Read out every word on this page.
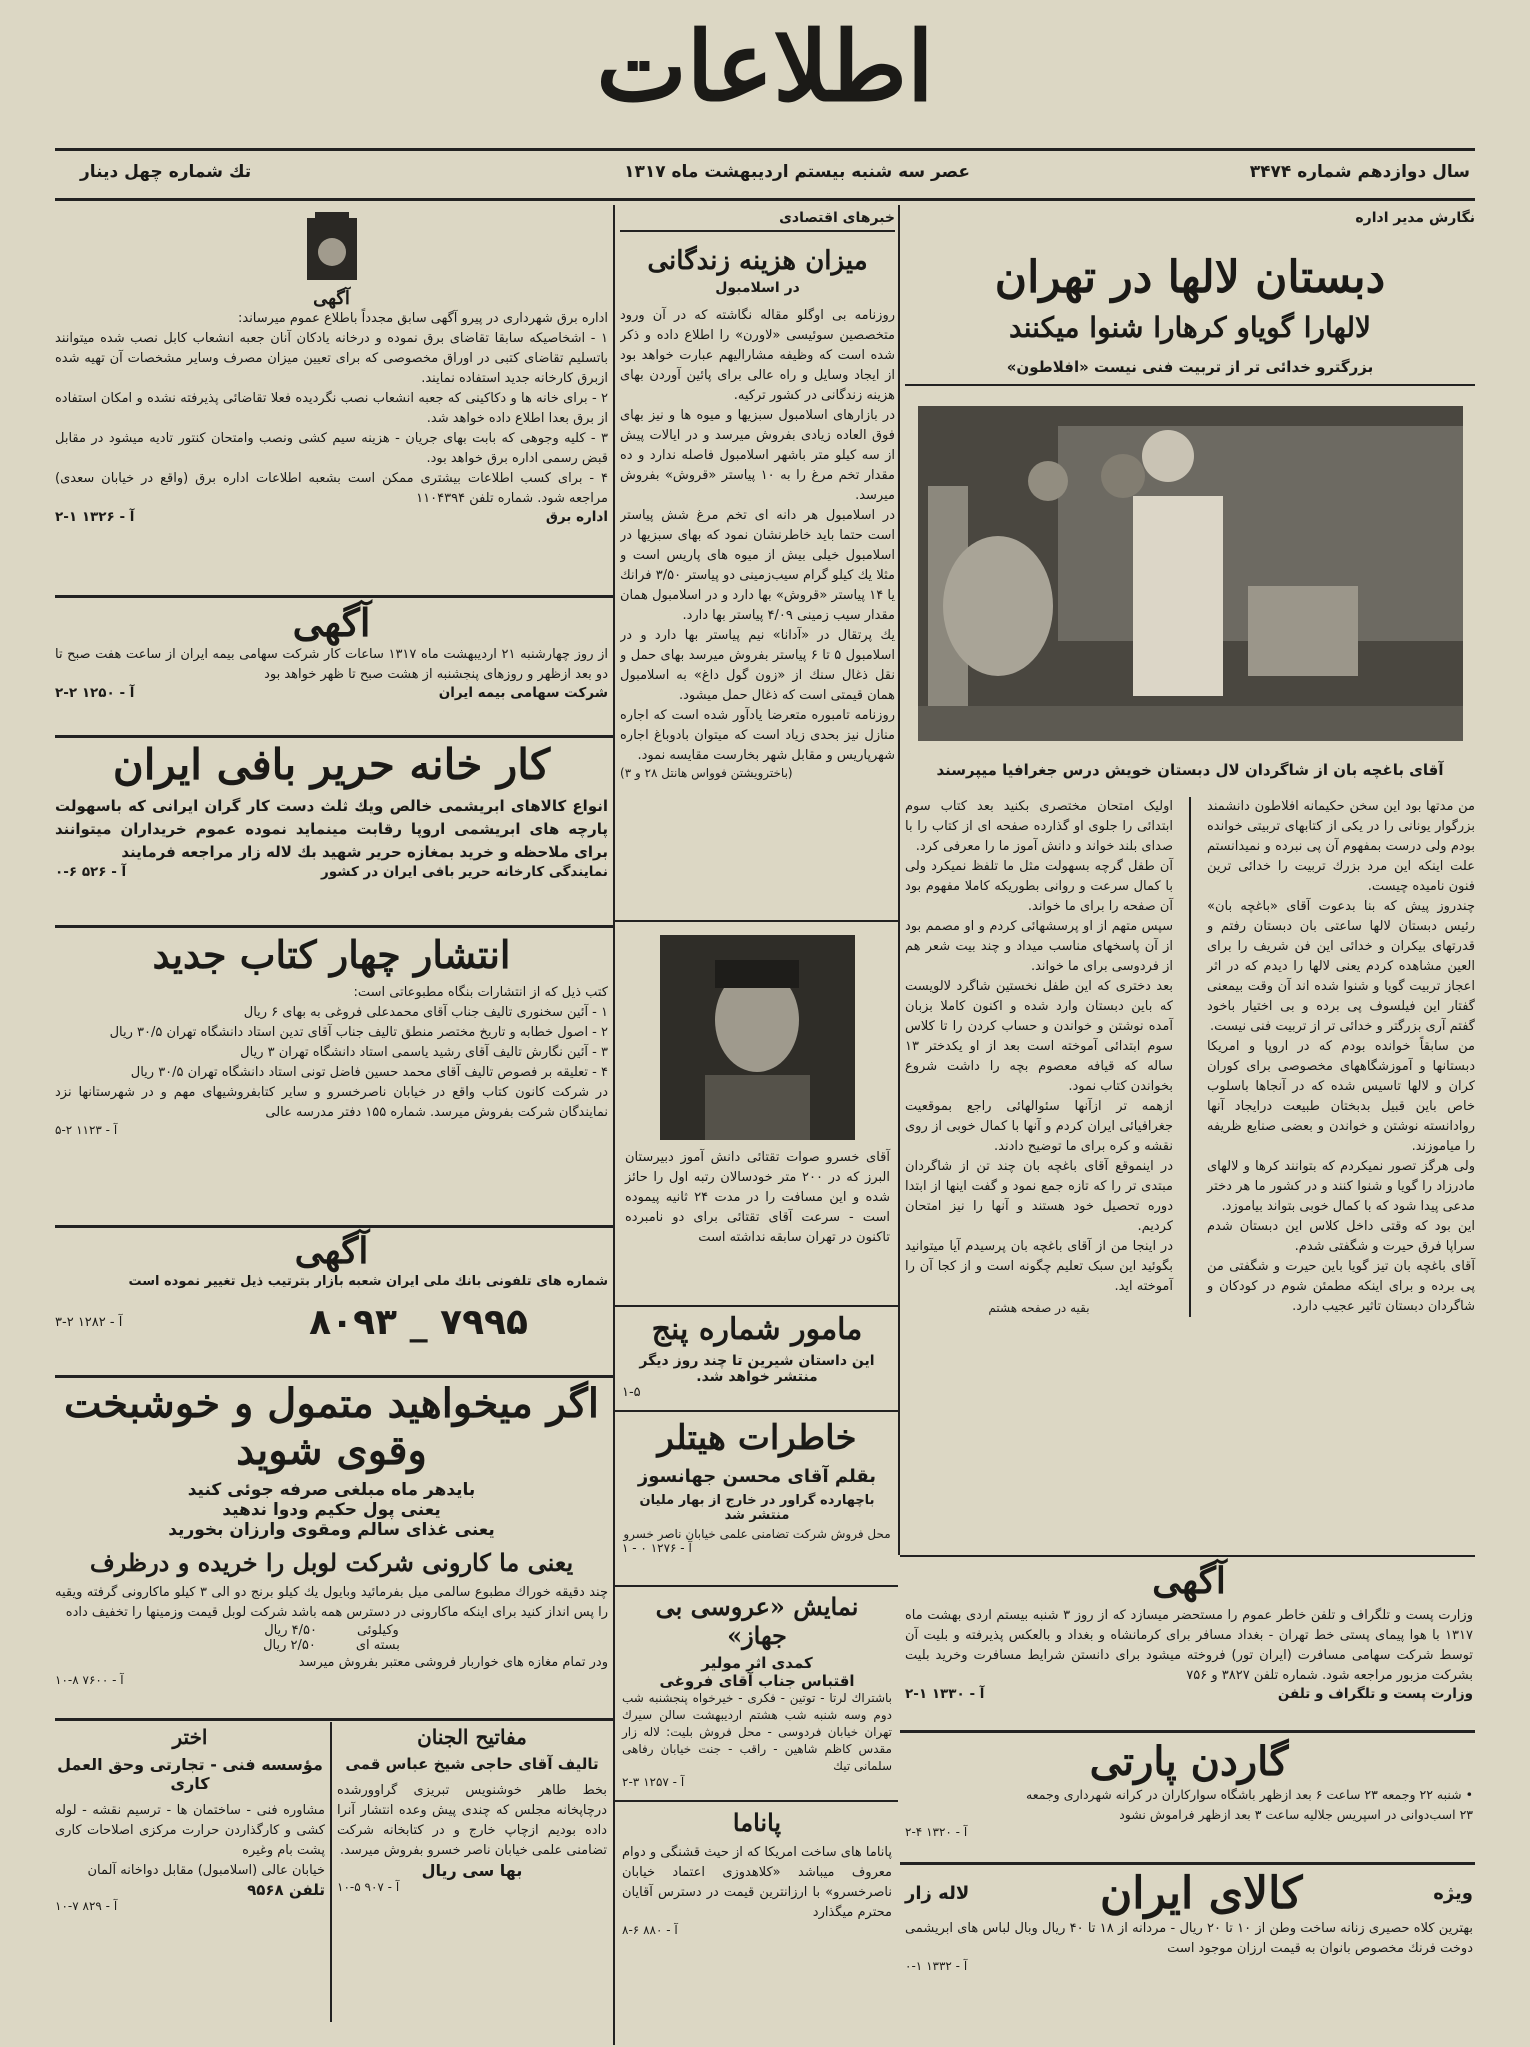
اطلاعات
سال دوازدهم شماره ۳۴۷۴
عصر سه شنبه بیستم اردیبهشت ماه ۱۳۱۷
تك شماره چهل دینار
نگارش مدیر اداره
دبستان لالها در تهران
لالهارا گویاو کرهارا شنوا میکنند
بزرگترو خدائی تر از تربیت فنی نیست «افلاطون»
آقای باغچه بان از شاگردان لال دبستان خویش درس جغرافیا میپرسند

من مدتها بود این سخن حکیمانه افلاطون دانشمند بزرگوار یونانی را در یکی از کتابهای تربیتی خوانده بودم ولی درست بمفهوم آن پی نبرده و نمیدانستم علت اینکه این مرد بزرك تربیت را خدائی ترین فنون نامیده چیست.

چندروز پیش که بنا بدعوت آقای «باغچه بان» رئیس دبستان لالها ساعتی بان دبستان رفتم و قدرتهای بیکران و خدائی این فن شریف را برای العین مشاهده کردم یعنی لالها را دیدم که در اثر اعجاز تربیت گویا و شنوا شده اند آن وقت بیمعنی گفتار این فیلسوف پی برده و بی اختیار باخود گفتم آری بزرگتر و خدائی تر از تربیت فنی نیست.

من سابقاً خوانده بودم که در اروپا و امریکا دبستانها و آموزشگاههای مخصوصی برای کوران کران و لالها تاسیس شده که در آنجاها باسلوب خاص باین قبیل بدبختان طبیعت درایجاد آنها روادانسته نوشتن و خواندن و بعضی صنایع ظریفه را میاموزند.

ولی هرگز تصور نمیکردم که بتوانند کرها و لالهای مادرزاد را گویا و شنوا کنند و در کشور ما هر دختر مدعی پیدا شود که با کمال خوبی بتواند بیاموزد.

این بود که وقتی داخل کلاس این دبستان شدم سراپا فرق حیرت و شگفتی شدم.

آقای باغچه بان تیز گویا باین حیرت و شگفتی من پی برده و برای اینکه مطمئن شوم در کودکان و شاگردان دبستان تاثیر عجیب دارد.

اولیک امتحان مختصری بکنید بعد کتاب سوم ابتدائی را جلوی او گذارده صفحه ای از کتاب را با صدای بلند خواند و دانش آموز ما را معرفی کرد.

آن طفل گرچه بسهولت مثل ما تلفظ نمیکرد ولی با کمال سرعت و روانی بطوریکه کاملا مفهوم بود آن صفحه را برای ما خواند.

سپس متهم از او پرسشهائی کردم و او مصمم بود از آن پاسخهای مناسب میداد و چند بیت شعر هم از فردوسی برای ما خواند.

بعد دختری که این طفل نخستین شاگرد لالویست که باین دبستان وارد شده و اکنون کاملا بزبان آمده نوشتن و خواندن و حساب کردن را تا کلاس سوم ابتدائی آموخته است بعد از او یکدختر ۱۳ ساله که قیافه معصوم بچه را داشت شروع بخواندن کتاب نمود.

ازهمه تر ازآنها سئوالهائی راجع بموقعیت جغرافیائی ایران کردم و آنها با کمال خوبی از روی نقشه و کره برای ما توضیح دادند.

در اینموقع آقای باغچه بان چند تن از شاگردان مبتدی تر را که تازه جمع نمود و گفت اینها از ابتدا دوره تحصیل خود هستند و آنها را نیز امتحان کردیم.

در اینجا من از آقای باغچه بان پرسیدم آیا میتوانید بگوئید این سبک تعلیم چگونه است و از کجا آن را آموخته اید.

بقیه در صفحه هشتم
خبرهای اقتصادی
میزان هزینه زندگانی
در اسلامبول

روزنامه بی اوگلو مقاله نگاشته که در آن ورود متخصصین سوئیسی «لاورن» را اطلاع داده و ذکر شده است که وظیفه مشارالیهم عبارت خواهد بود از ایجاد وسایل و راه عالی برای پائین آوردن بهای هزینه زندگانی در کشور ترکیه.

در بازارهای اسلامبول سبزیها و میوه ها و نیز بهای فوق العاده زیادی بفروش میرسد و در ایالات پیش از سه کیلو متر باشهر اسلامبول فاصله ندارد و ده مقدار تخم مرغ را به ۱۰ پیاستر «قروش» بفروش میرسد.

در اسلامبول هر دانه ای تخم مرغ شش پیاستر است حتما باید خاطرنشان نمود که بهای سبزیها در اسلامبول خیلی بیش از میوه های پاریس است و مثلا یك کیلو گرام سیب‌زمینی دو پیاستر ۳/۵۰ فرانك یا ۱۴ پیاستر «قروش» بها دارد و در اسلامبول همان مقدار سیب زمینی ۴/۰۹ پیاستر بها دارد.

یك پرتقال در «آدانا» نیم پیاستر بها دارد و در اسلامبول ۵ تا ۶ پیاستر بفروش میرسد بهای حمل و نقل ذغال سنك از «زون گول داغ» به اسلامبول همان قیمتی است که ذغال حمل میشود.

روزنامه تامبوره متعرضا یادآور شده است که اجاره منازل نیز بحدی زیاد است که میتوان بادوباغ اجاره شهرپاریس و مقابل شهر بخارست مقایسه نمود.

(باخترویشتن فوواس هانتل ۲۸ و ۳)

آقای خسرو صوات تقتائی دانش آموز دبیرستان البرز که در ۲۰۰ متر خودسالان رتبه اول را حائز شده و این مسافت را در مدت ۲۴ ثانیه پیموده است - سرعت آقای تقتائی برای دو نامبرده تاکنون در تهران سابقه نداشته است

مامور شماره پنج
این داستان شیرین تا چند روز دیگر منتشر خواهد شد.
۱-۵
خاطرات هیتلر
بقلم آقای محسن جهانسوز
باچهارده گراور در خارج از بهار ملیان منتشر شد
محل فروش شرکت تضامنی علمی خیابان ناصر خسرو
آ - ۱۲۷۶ ۰ - ۱
نمایش «عروسی بی جهاز»
کمدی اثر مولیر
اقتباس جناب آقای فروغی

باشتراك لرتا - توتین - فکری - خیرخواه پنجشنبه شب دوم وسه شنبه شب هشتم اردیبهشت سالن سیرك تهران خیابان فردوسی - محل فروش بلیت: لاله زار مقدس کاظم شاهین - راقب - جنت خیابان رفاهی سلمانی تیك

آ - ۱۲۵۷ ۳-۲
پاناما

پاناما های ساخت امریکا که از حیث قشنگی و دوام معروف میباشد «کلاهدوزی اعتماد خیابان ناصرخسرو» با ارزانترین قیمت در دسترس آقایان محترم میگذارد

آ - ۸۸۰ ۶-۸
آگهی

وزارت پست و تلگراف و تلفن خاطر عموم را مستحضر میسازد که از روز ۳ شنبه بیستم اردی بهشت ماه ۱۳۱۷ با هوا پیمای پستی خط تهران - بغداد مسافر برای کرمانشاه و بغداد و بالعکس پذیرفته و بلیت آن توسط شرکت سهامی مسافرت (ایران تور) فروخته میشود برای دانستن شرایط مسافرت وخرید بلیت بشرکت مزبور مراجعه شود. شماره تلفن ۳۸۲۷ و ۷۵۶

وزارت پست و تلگراف و تلفن
آ - ۱۳۳۰ ۱-۲
گاردن پارتی
• شنبه ۲۲ وجمعه ۲۳ ساعت ۶ بعد ازظهر باشگاه سوارکاران در کرانه شهرداری وجمعه
۲۳ اسب‌دوانی در اسپریس جلالیه ساعت ۳ بعد ازظهر فراموش نشود
آ - ۱۳۲۰ ۴-۲
ویژه
کالای ایران
لاله زار

بهترین کلاه حصیری زنانه ساخت وطن از ۱۰ تا ۲۰ ریال - مردانه از ۱۸ تا ۴۰ ریال وبال لباس های ابریشمی دوخت فرنك مخصوص بانوان به قیمت ارزان موجود است

آ - ۱۳۳۲ ۱-۰
آگهی

اداره برق شهرداری در پیرو آگهی سابق مجدداً باطلاع عموم میرساند:

۱ - اشخاصیکه سابقا تقاضای برق نموده و درخانه یادکان آنان جعبه انشعاب کابل نصب شده میتوانند باتسلیم تقاضای کتبی در اوراق مخصوصی که برای تعیین میزان مصرف وسایر مشخصات آن تهیه شده ازبرق کارخانه جدید استفاده نمایند.

۲ - برای خانه ها و دکاکینی که جعبه انشعاب نصب نگردیده فعلا تقاضائی پذیرفته نشده و امکان استفاده از برق بعدا اطلاع داده خواهد شد.

۳ - کلیه وجوهی که بابت بهای جریان - هزینه سیم کشی ونصب وامتحان کنتور تادیه میشود در مقابل قبض رسمی اداره برق خواهد بود.

۴ - برای کسب اطلاعات بیشتری ممکن است بشعبه اطلاعات اداره برق (واقع در خیابان سعدی) مراجعه شود. شماره تلفن ۱۱۰۴۳۹۴

اداره برق
آ - ۱۳۲۶ ۱-۲
آگهی

از روز چهارشنبه ۲۱ اردیبهشت ماه ۱۳۱۷ ساعات کار شرکت سهامی بیمه ایران از ساعت هفت صبح تا دو بعد ازظهر و روزهای پنجشنبه از هشت صبح تا ظهر خواهد بود

شرکت سهامی بیمه ایران
آ - ۱۲۵۰ ۲-۲
کار خانه حریر بافی ایران

انواع کالاهای ابریشمی خالص ویك ثلث دست کار گران ایرانی که باسهولت پارچه های ابریشمی اروپا رقابت مینماید نموده عموم خریداران میتوانند برای ملاحظه و خرید بمغازه حریر شهید بك لاله زار مراجعه فرمایند

نمایندگی کارخانه حریر بافی ایران در کشور
آ - ۵۲۶ ۶-۰
انتشار چهار کتاب جدید

کتب ذیل که از انتشارات بنگاه مطبوعاتی است:

۱ - آئین سخنوری تالیف جناب آقای محمدعلی فروغی به بهای ۶ ریال

۲ - اصول خطابه و تاریخ مختصر منطق تالیف جناب آقای تدین استاد دانشگاه تهران ۳۰/۵ ریال

۳ - آئین نگارش تالیف آقای رشید یاسمی استاد دانشگاه تهران ۳ ریال

۴ - تعلیقه بر فصوص تالیف آقای محمد حسین فاضل تونی استاد دانشگاه تهران ۳۰/۵ ریال

در شرکت کانون کتاب واقع در خیابان ناصرخسرو و سایر کتابفروشیهای مهم و در شهرستانها نزد نمایندگان شرکت بفروش میرسد. شماره ۱۵۵ دفتر مدرسه عالی

آ - ۱۱۲۳ ۲-۵
آگهی

شماره های تلفونی بانك ملی ایران شعبه بازار بترتیب ذیل تغییر نموده است

۷۹۹۵ _ ۸۰۹۳
آ - ۱۲۸۲ ۲-۳
اگر میخواهید متمول و خوشبخت
وقوی شوید
بایدهر ماه مبلغی صرفه جوئی کنید
یعنی پول حکیم ودوا ندهید
یعنی غذای سالم ومقوی وارزان بخورید
یعنی ما کارونی شرکت لوبل را خریده و درظرف

چند دقیقه خوراك مطبوع سالمی میل بفرمائید وبایول یك کیلو برنج دو الی ۳ کیلو ماکارونی گرفته ویقیه را پس انداز کنید برای اینکه ماکارونی در دسترس همه باشد شرکت لوبل قیمت وزمینها را تخفیف داده

وکیلوئی
۴/۵۰ ریال
بسته ای
۲/۵۰ ریال

ودر تمام مغازه های خواربار فروشی معتبر بفروش میرسد

آ - ۷۶۰۰ ۸-۱۰
اختر
مؤسسه فنی - تجارتی وحق العمل کاری

مشاوره فنی - ساختمان ها - ترسیم نقشه - لوله کشی و کارگذاردن حرارت مرکزی اصلاحات کاری پشت بام وغیره

خیابان عالی (اسلامبول) مقابل دواخانه آلمان

تلفن ۹۵۶۸
آ - ۸۲۹ ۷-۱۰
مفاتیح الجنان
تالیف آقای حاجی شیخ عباس قمی

بخط طاهر خوشنویس تبریزی گراوورشده درچاپخانه مجلس که چندی پیش وعده انتشار آنرا داده بودیم ازچاپ خارج و در کتابخانه شرکت تضامنی علمی خیابان ناصر خسرو بفروش میرسد.

بها سی ریال
آ - ۹۰۷ ۵-۱۰
